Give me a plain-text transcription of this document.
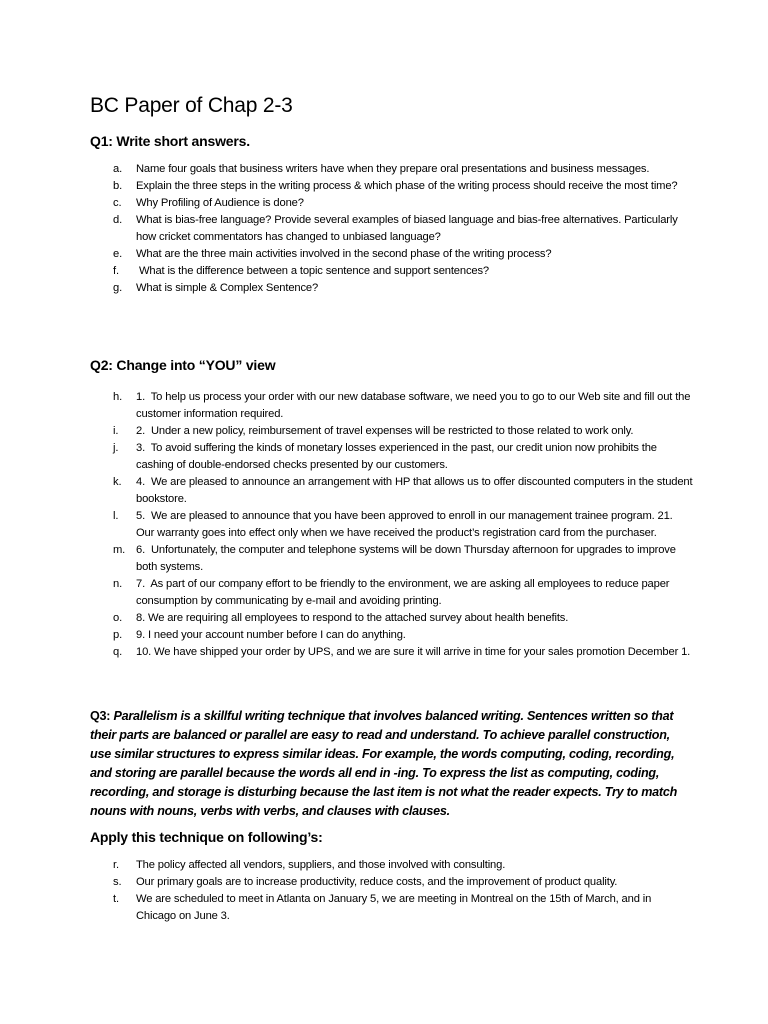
BC Paper of Chap 2-3
Q1: Write short answers.
a.	Name four goals that business writers have when they prepare oral presentations and business messages.
b.	Explain the three steps in the writing process & which phase of the writing process should receive the most time?
c.	Why Profiling of Audience is done?
d.	What is bias-free language? Provide several examples of biased language and bias-free alternatives. Particularly how cricket commentators has changed to unbiased language?
e.	What are the three main activities involved in the second phase of the writing process?
f.	What is the difference between a topic sentence and support sentences?
g.	What is simple & Complex Sentence?
Q2: Change into “YOU” view
h.	1.  To help us process your order with our new database software, we need you to go to our Web site and fill out the customer information required.
i.	2.  Under a new policy, reimbursement of travel expenses will be restricted to those related to work only.
j.	3.  To avoid suffering the kinds of monetary losses experienced in the past, our credit union now prohibits the cashing of double-endorsed checks presented by our customers.
k.	4.  We are pleased to announce an arrangement with HP that allows us to offer discounted computers in the student bookstore.
l.	5.  We are pleased to announce that you have been approved to enroll in our management trainee program. 21.  Our warranty goes into effect only when we have received the product’s registration card from the purchaser.
m. 6.  Unfortunately, the computer and telephone systems will be down Thursday afternoon for upgrades to improve both systems.
n.	7.  As part of our company effort to be friendly to the environment, we are asking all employees to reduce paper consumption by communicating by e-mail and avoiding printing.
o.	8. We are requiring all employees to respond to the attached survey about health benefits.
p.	9. I need your account number before I can do anything.
q.	10. We have shipped your order by UPS, and we are sure it will arrive in time for your sales promotion December 1.

Q3: Parallelism is a skillful writing technique that involves balanced writing. Sentences written so that their parts are balanced or parallel are easy to read and understand. To achieve parallel construction, use similar structures to express similar ideas. For example, the words computing, coding, recording, and storing are parallel because the words all end in -ing. To express the list as computing, coding, recording, and storage is disturbing because the last item is not what the reader expects. Try to match nouns with nouns, verbs with verbs, and clauses with clauses.

Apply this technique on following’s:
r.	The policy affected all vendors, suppliers, and those involved with consulting.
s.	Our primary goals are to increase productivity, reduce costs, and the improvement of product quality.
t.	We are scheduled to meet in Atlanta on January 5, we are meeting in Montreal on the 15th of March, and in Chicago on June 3.
